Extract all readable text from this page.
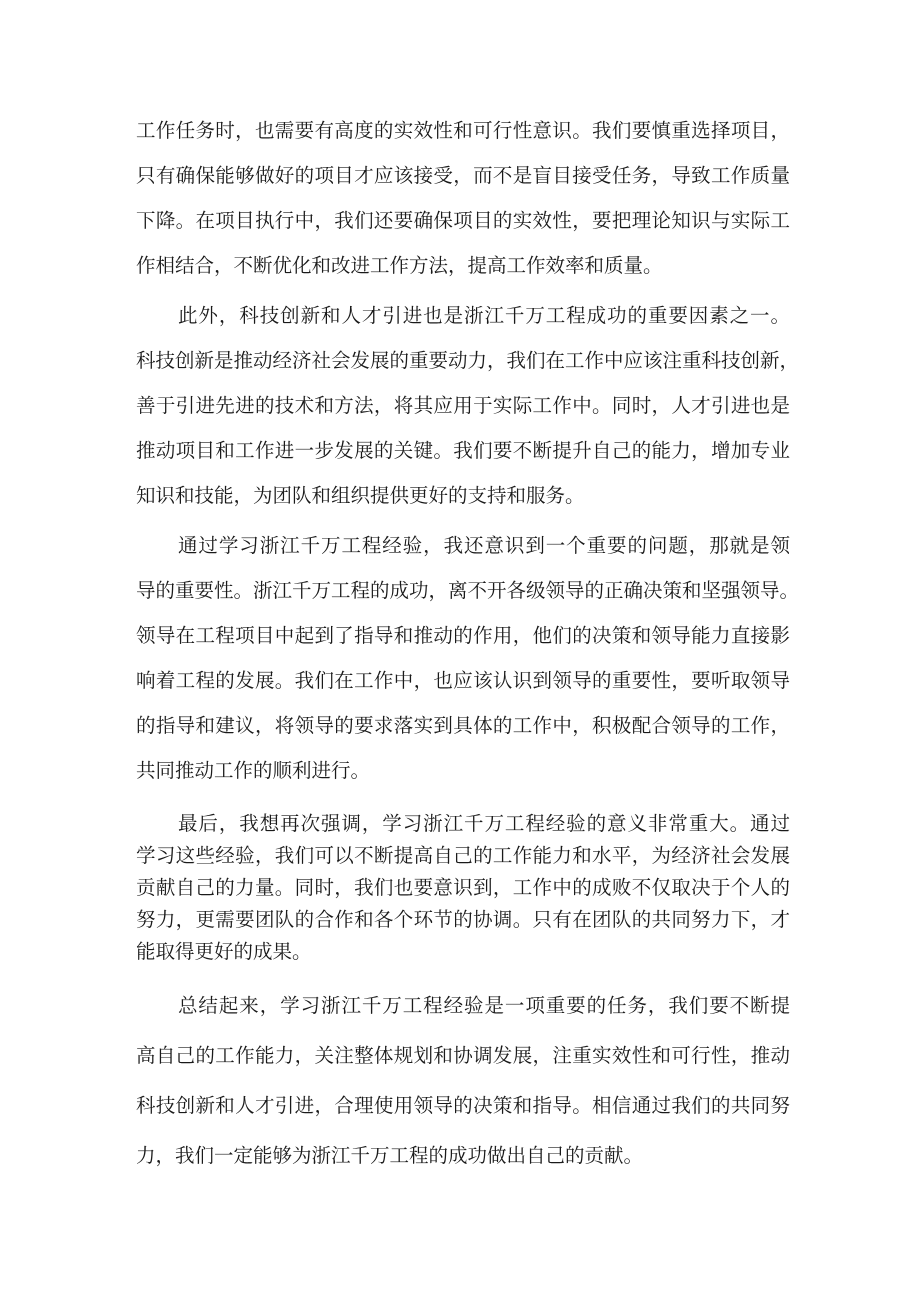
工作任务时，也需要有高度的实效性和可行性意识。我们要慎重选择项目，
只有确保能够做好的项目才应该接受，而不是盲目接受任务，导致工作质量
下降。在项目执行中，我们还要确保项目的实效性，要把理论知识与实际工
作相结合，不断优化和改进工作方法，提高工作效率和质量。
此外，科技创新和人才引进也是浙江千万工程成功的重要因素之一。
科技创新是推动经济社会发展的重要动力，我们在工作中应该注重科技创新，
善于引进先进的技术和方法，将其应用于实际工作中。同时，人才引进也是
推动项目和工作进一步发展的关键。我们要不断提升自己的能力，增加专业
知识和技能，为团队和组织提供更好的支持和服务。
通过学习浙江千万工程经验，我还意识到一个重要的问题，那就是领
导的重要性。浙江千万工程的成功，离不开各级领导的正确决策和坚强领导。
领导在工程项目中起到了指导和推动的作用，他们的决策和领导能力直接影
响着工程的发展。我们在工作中，也应该认识到领导的重要性，要听取领导
的指导和建议，将领导的要求落实到具体的工作中，积极配合领导的工作，
共同推动工作的顺利进行。
最后，我想再次强调，学习浙江千万工程经验的意义非常重大。通过
学习这些经验，我们可以不断提高自己的工作能力和水平，为经济社会发展
贡献自己的力量。同时，我们也要意识到，工作中的成败不仅取决于个人的
努力，更需要团队的合作和各个环节的协调。只有在团队的共同努力下，才
能取得更好的成果。
总结起来，学习浙江千万工程经验是一项重要的任务，我们要不断提
高自己的工作能力，关注整体规划和协调发展，注重实效性和可行性，推动
科技创新和人才引进，合理使用领导的决策和指导。相信通过我们的共同努
力，我们一定能够为浙江千万工程的成功做出自己的贡献。
